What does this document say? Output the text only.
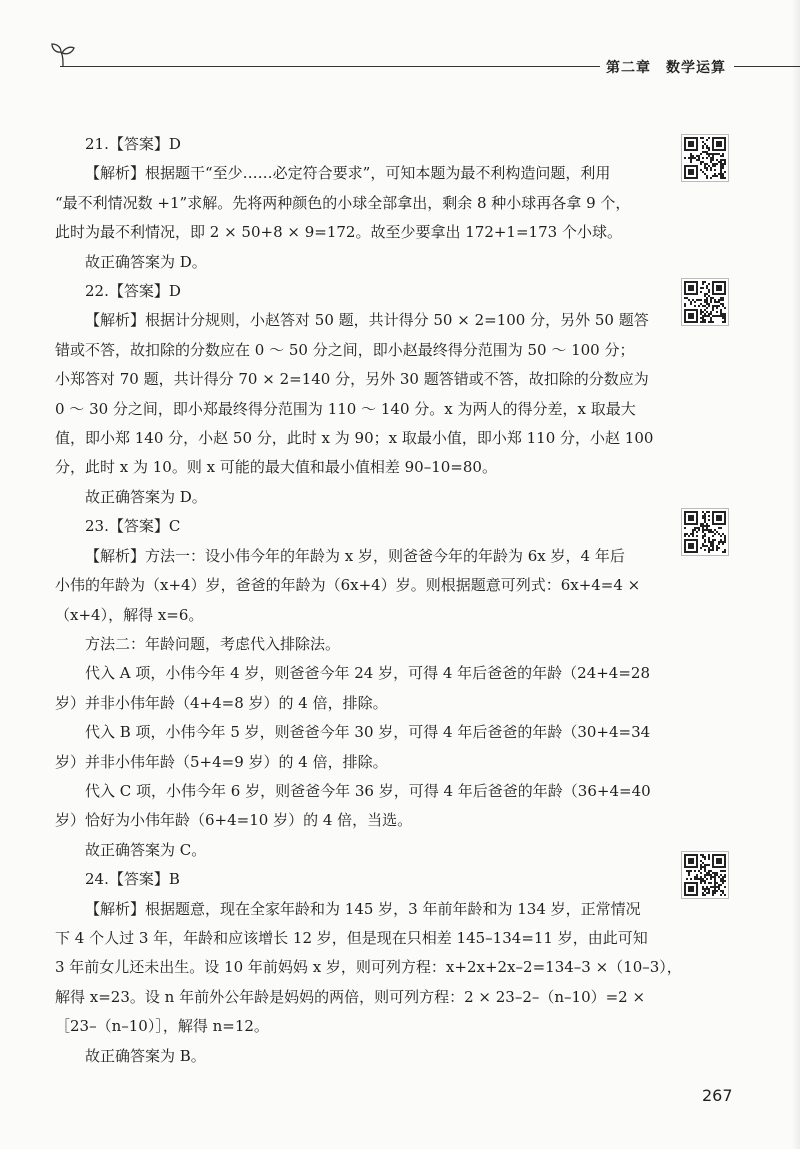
第二章　数学运算
21.【答案】D
【解析】根据题干“至少……必定符合要求”，可知本题为最不利构造问题，利用
“最不利情况数 +1”求解。先将两种颜色的小球全部拿出，剩余 8 种小球再各拿 9 个，
此时为最不利情况，即 2 × 50+8 × 9=172。故至少要拿出 172+1=173 个小球。
故正确答案为 D。
22.【答案】D
【解析】根据计分规则，小赵答对 50 题，共计得分 50 × 2=100 分，另外 50 题答
错或不答，故扣除的分数应在 0 ～ 50 分之间，即小赵最终得分范围为 50 ～ 100 分；
小郑答对 70 题，共计得分 70 × 2=140 分，另外 30 题答错或不答，故扣除的分数应为
0 ～ 30 分之间，即小郑最终得分范围为 110 ～ 140 分。x 为两人的得分差，x 取最大
值，即小郑 140 分，小赵 50 分，此时 x 为 90；x 取最小值，即小郑 110 分，小赵 100
分，此时 x 为 10。则 x 可能的最大值和最小值相差 90–10=80。
故正确答案为 D。
23.【答案】C
【解析】方法一：设小伟今年的年龄为 x 岁，则爸爸今年的年龄为 6x 岁，4 年后
小伟的年龄为（x+4）岁，爸爸的年龄为（6x+4）岁。则根据题意可列式：6x+4=4 ×
（x+4），解得 x=6。
方法二：年龄问题，考虑代入排除法。
代入 A 项，小伟今年 4 岁，则爸爸今年 24 岁，可得 4 年后爸爸的年龄（24+4=28
岁）并非小伟年龄（4+4=8 岁）的 4 倍，排除。
代入 B 项，小伟今年 5 岁，则爸爸今年 30 岁，可得 4 年后爸爸的年龄（30+4=34
岁）并非小伟年龄（5+4=9 岁）的 4 倍，排除。
代入 C 项，小伟今年 6 岁，则爸爸今年 36 岁，可得 4 年后爸爸的年龄（36+4=40
岁）恰好为小伟年龄（6+4=10 岁）的 4 倍，当选。
故正确答案为 C。
24.【答案】B
【解析】根据题意，现在全家年龄和为 145 岁，3 年前年龄和为 134 岁，正常情况
下 4 个人过 3 年，年龄和应该增长 12 岁，但是现在只相差 145–134=11 岁，由此可知
3 年前女儿还未出生。设 10 年前妈妈 x 岁，则可列方程：x+2x+2x–2=134–3 ×（10–3），
解得 x=23。设 n 年前外公年龄是妈妈的两倍，则可列方程：2 × 23–2–（n–10）=2 ×
［23–（n–10）］，解得 n=12。
故正确答案为 B。
267
